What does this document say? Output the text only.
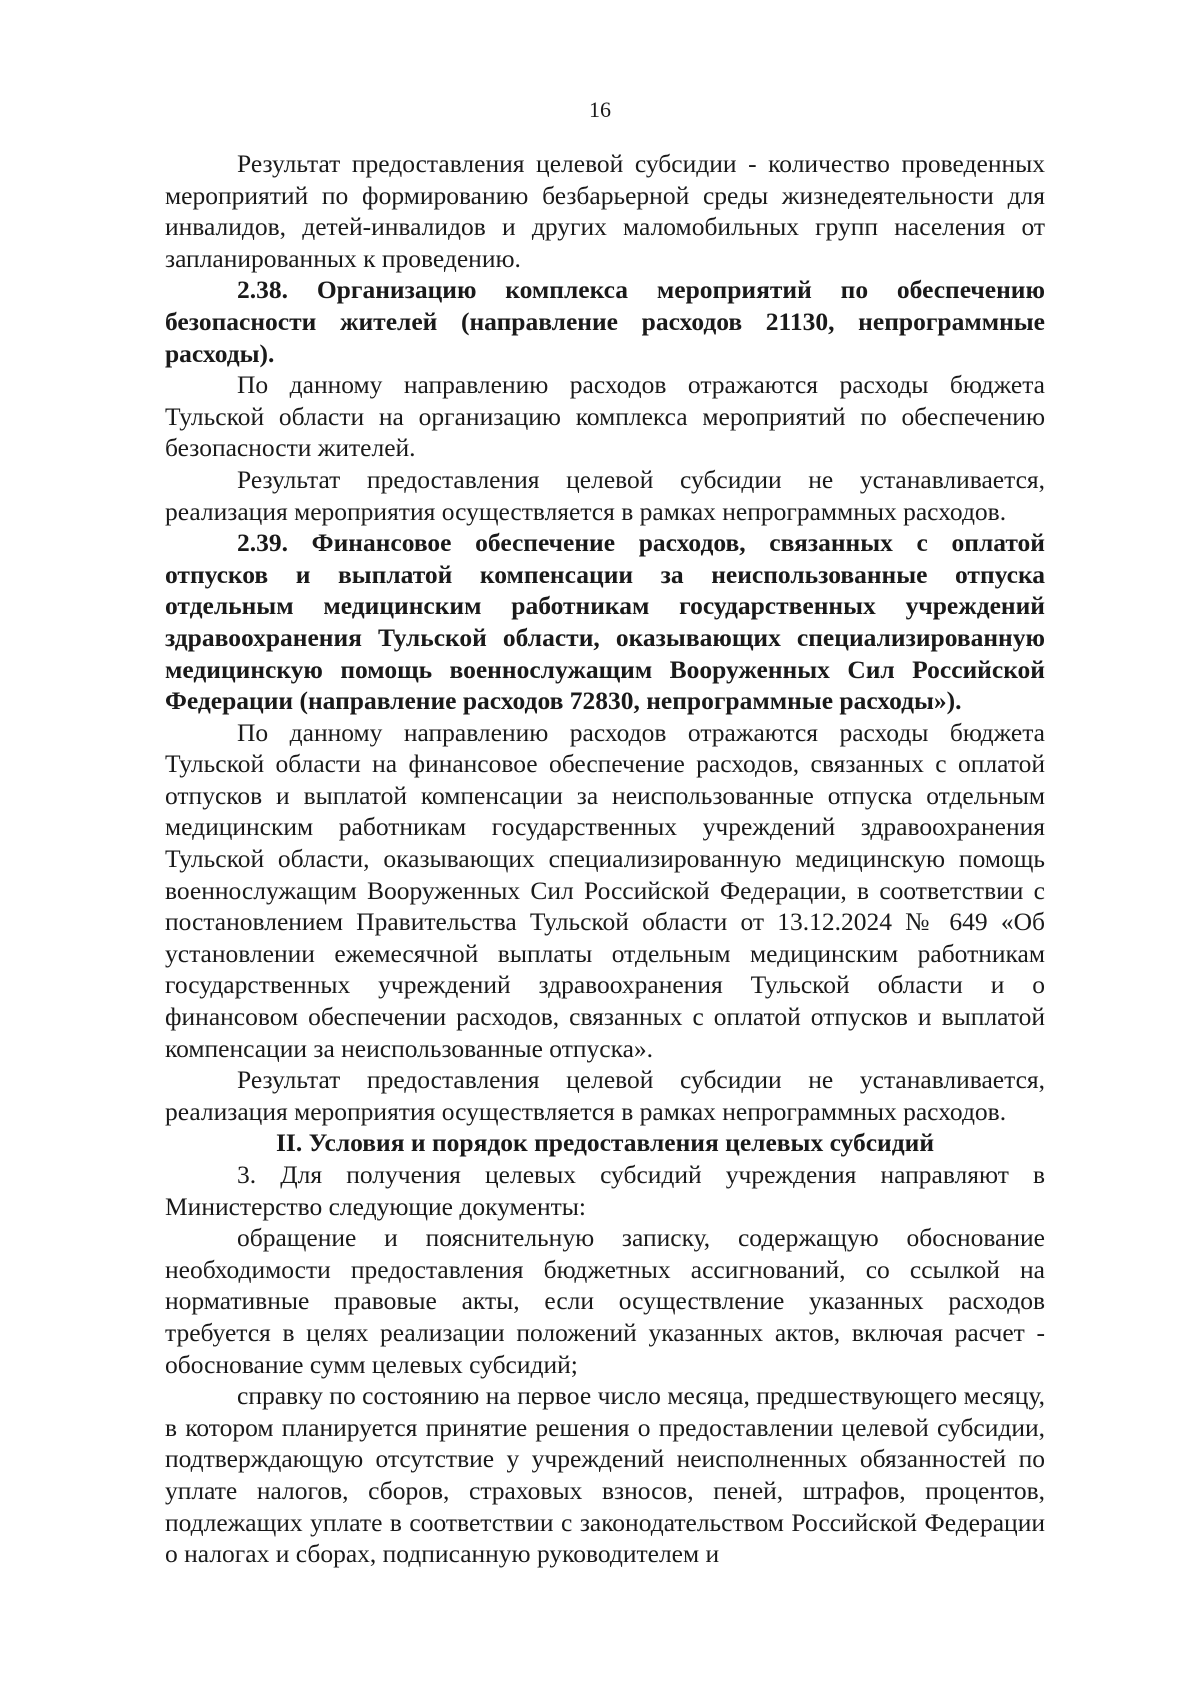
16

Результат предоставления целевой субсидии - количество проведенных мероприятий по формированию безбарьерной среды жизнедеятельности для инвалидов, детей-инвалидов и других маломобильных групп населения от запланированных к проведению.

2.38. Организацию комплекса мероприятий по обеспечению безопасности жителей (направление расходов 21130, непрограммные расходы).

По данному направлению расходов отражаются расходы бюджета Тульской области на организацию комплекса мероприятий по обеспечению безопасности жителей.

Результат предоставления целевой субсидии не устанавливается, реализация мероприятия осуществляется в рамках непрограммных расходов.

2.39. Финансовое обеспечение расходов, связанных с оплатой отпусков и выплатой компенсации за неиспользованные отпуска отдельным медицинским работникам государственных учреждений здравоохранения Тульской области, оказывающих специализированную медицинскую помощь военнослужащим Вооруженных Сил Российской Федерации (направление расходов 72830, непрограммные расходы»).

По данному направлению расходов отражаются расходы бюджета Тульской области на финансовое обеспечение расходов, связанных с оплатой отпусков и выплатой компенсации за неиспользованные отпуска отдельным медицинским работникам государственных учреждений здравоохранения Тульской области, оказывающих специализированную медицинскую помощь военнослужащим Вооруженных Сил Российской Федерации, в соответствии с постановлением Правительства Тульской области от 13.12.2024 № 649 «Об установлении ежемесячной выплаты отдельным медицинским работникам государственных учреждений здравоохранения Тульской области и о финансовом обеспечении расходов, связанных с оплатой отпусков и выплатой компенсации за неиспользованные отпуска».

Результат предоставления целевой субсидии не устанавливается, реализация мероприятия осуществляется в рамках непрограммных расходов.

II. Условия и порядок предоставления целевых субсидий

3. Для получения целевых субсидий учреждения направляют в Министерство следующие документы:

обращение и пояснительную записку, содержащую обоснование необходимости предоставления бюджетных ассигнований, со ссылкой на нормативные правовые акты, если осуществление указанных расходов требуется в целях реализации положений указанных актов, включая расчет - обоснование сумм целевых субсидий;

справку по состоянию на первое число месяца, предшествующего месяцу, в котором планируется принятие решения о предоставлении целевой субсидии, подтверждающую отсутствие у учреждений неисполненных обязанностей по уплате налогов, сборов, страховых взносов, пеней, штрафов, процентов, подлежащих уплате в соответствии с законодательством Российской Федерации о налогах и сборах, подписанную руководителем и
